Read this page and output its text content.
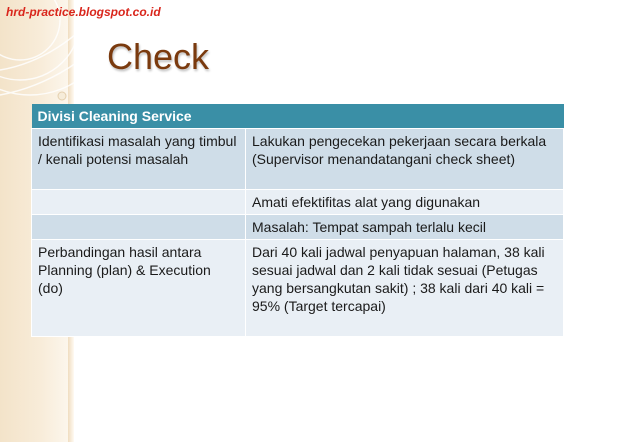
hrd-practice.blogspot.co.id
Check
Divisi Cleaning Service	
Identifikasi masalah yang timbul / kenali potensi masalah	Lakukan pengecekan pekerjaan secara berkala (Supervisor menandatangani check sheet)
	Amati efektifitas alat yang digunakan
	Masalah: Tempat sampah terlalu kecil
Perbandingan hasil antara Planning (plan) & Execution (do)	Dari 40 kali jadwal penyapuan halaman, 38 kali sesuai jadwal dan 2 kali tidak sesuai (Petugas yang bersangkutan sakit) ; 38 kali dari 40 kali = 95% (Target tercapai)
